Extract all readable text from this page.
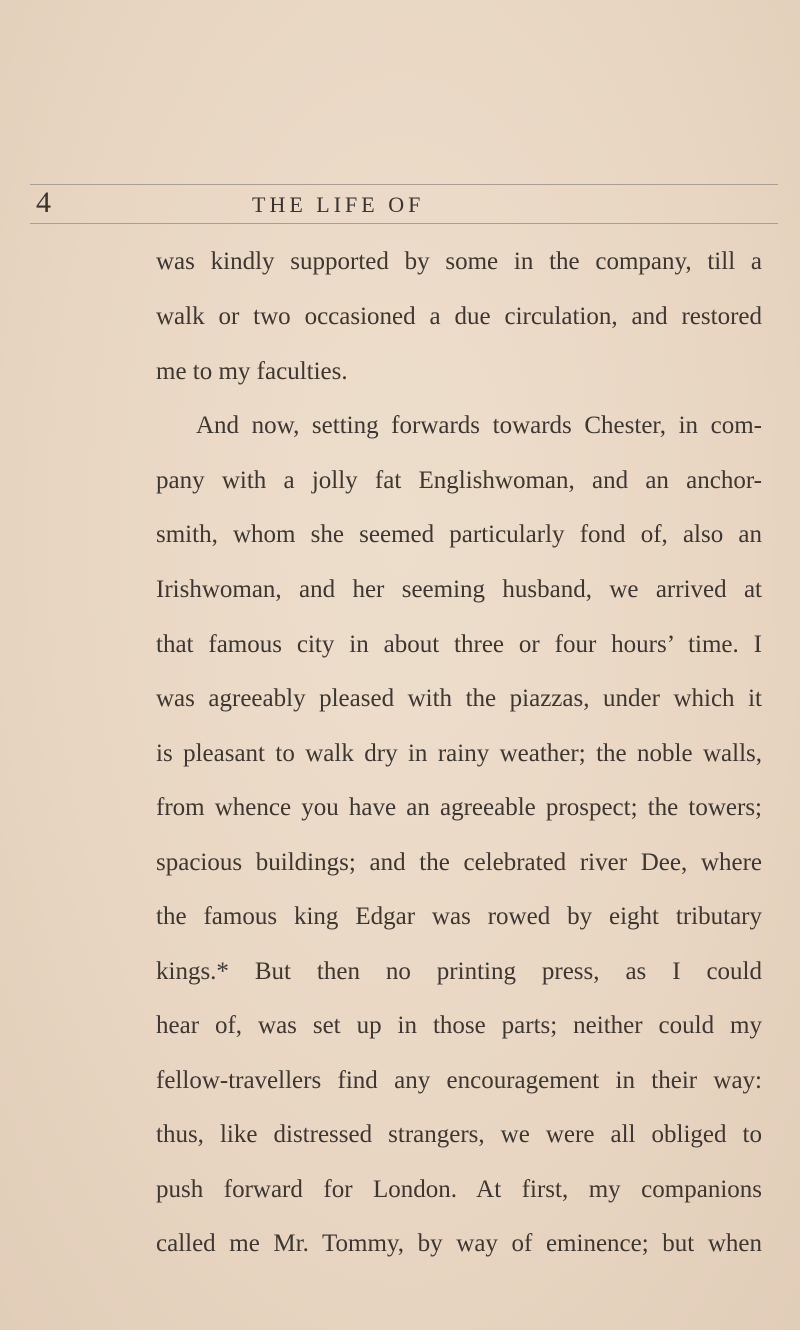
4	THE LIFE OF
was kindly supported by some in the company, till a
walk or two occasioned a due circulation, and restored
me to my faculties.
And now, setting forwards towards Chester, in com-
pany with a jolly fat Englishwoman, and an anchor-
smith, whom she seemed particularly fond of, also an
Irishwoman, and her seeming husband, we arrived at
that famous city in about three or four hours’ time. I
was agreeably pleased with the piazzas, under which it
is pleasant to walk dry in rainy weather; the noble walls,
from whence you have an agreeable prospect; the towers;
spacious buildings; and the celebrated river Dee, where
the famous king Edgar was rowed by eight tributary
kings.* But then no printing press, as I could
hear of, was set up in those parts; neither could my
fellow-travellers find any encouragement in their way:
thus, like distressed strangers, we were all obliged to
push forward for London. At first, my companions
called me Mr. Tommy, by way of eminence; but when
